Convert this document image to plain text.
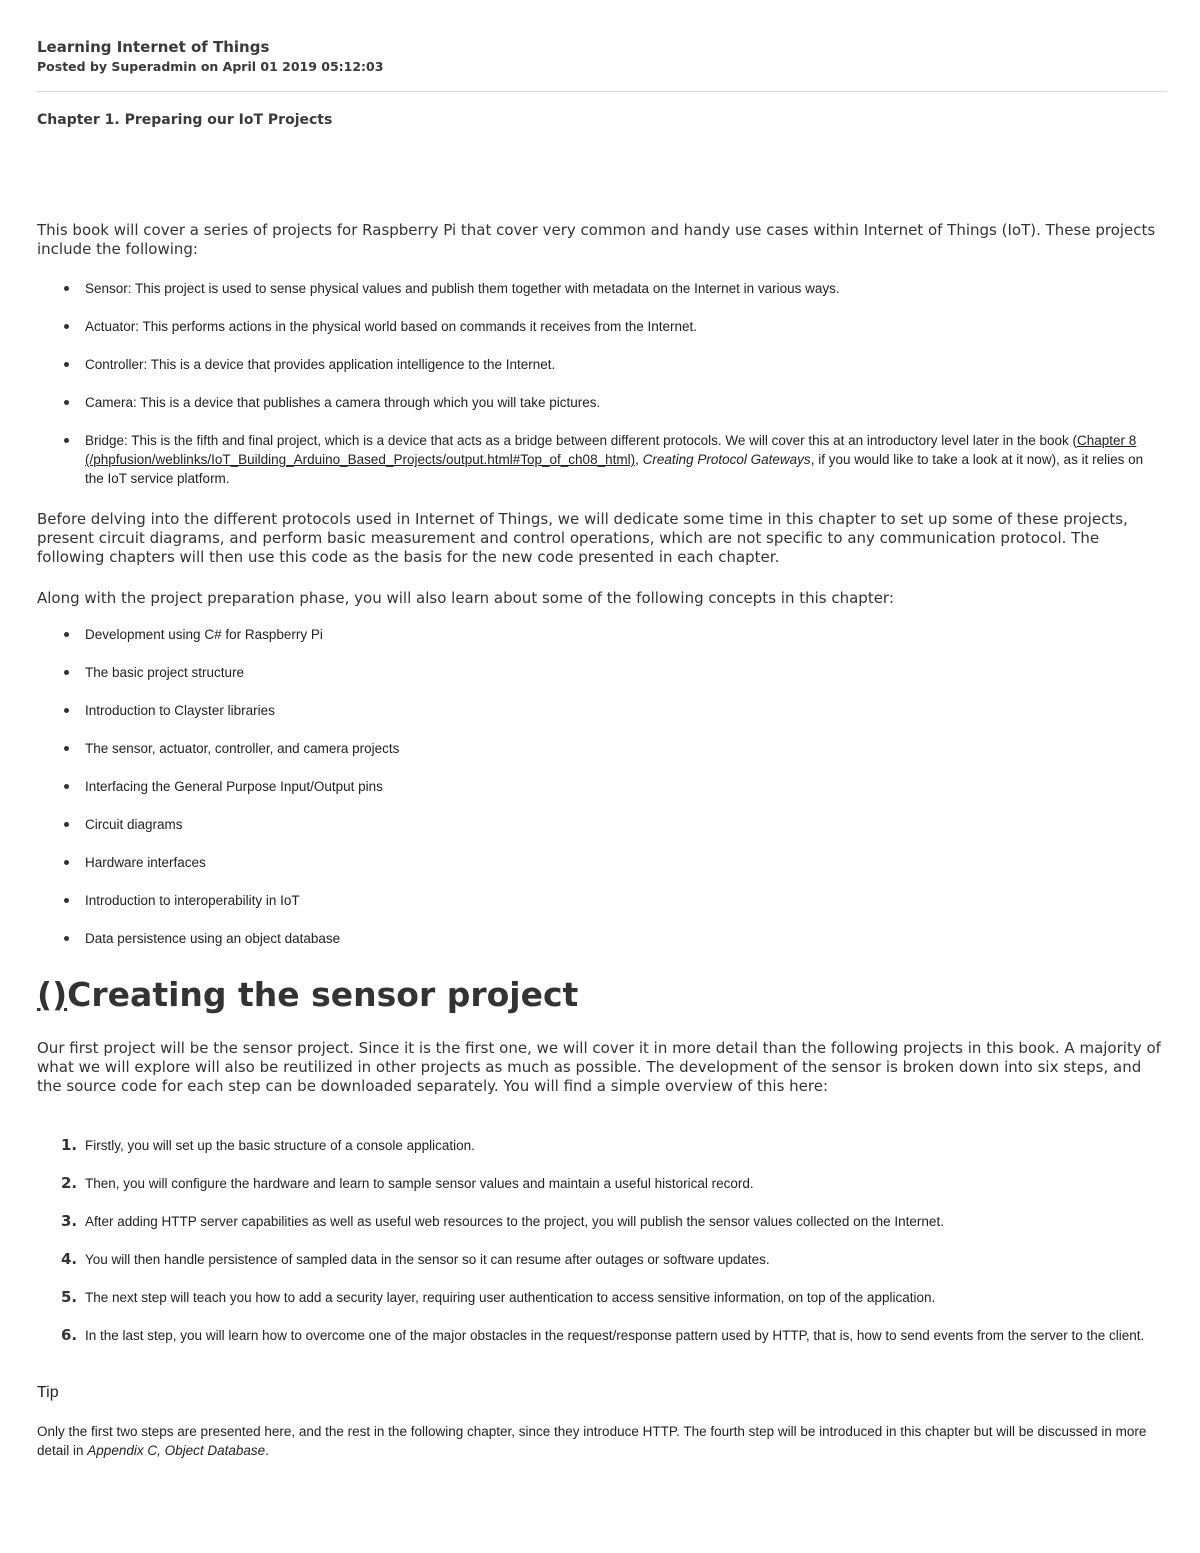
Learning Internet of Things
Posted by Superadmin on April 01 2019 05:12:03
Chapter 1. Preparing our IoT Projects

This book will cover a series of projects for Raspberry Pi that cover very common and handy use cases within Internet of Things (IoT). These projects include the following:

Sensor: This project is used to sense physical values and publish them together with metadata on the Internet in various ways.
Actuator: This performs actions in the physical world based on commands it receives from the Internet.
Controller: This is a device that provides application intelligence to the Internet.
Camera: This is a device that publishes a camera through which you will take pictures.
Bridge: This is the fifth and final project, which is a device that acts as a bridge between different protocols. We will cover this at an introductory level later in the book (Chapter 8 (/phpfusion/weblinks/IoT_Building_Arduino_Based_Projects/output.html#Top_of_ch08_html), Creating Protocol Gateways, if you would like to take a look at it now), as it relies on the IoT service platform.

Before delving into the different protocols used in Internet of Things, we will dedicate some time in this chapter to set up some of these projects, present circuit diagrams, and perform basic measurement and control operations, which are not specific to any communication protocol. The following chapters will then use this code as the basis for the new code presented in each chapter.

Along with the project preparation phase, you will also learn about some of the following concepts in this chapter:

Development using C# for Raspberry Pi
The basic project structure
Introduction to Clayster libraries
The sensor, actuator, controller, and camera projects
Interfacing the General Purpose Input/Output pins
Circuit diagrams
Hardware interfaces
Introduction to interoperability in IoT
Data persistence using an object database
()Creating the sensor project

Our first project will be the sensor project. Since it is the first one, we will cover it in more detail than the following projects in this book. A majority of what we will explore will also be reutilized in other projects as much as possible. The development of the sensor is broken down into six steps, and the source code for each step can be downloaded separately. You will find a simple overview of this here:

1. Firstly, you will set up the basic structure of a console application.
2. Then, you will configure the hardware and learn to sample sensor values and maintain a useful historical record.
3. After adding HTTP server capabilities as well as useful web resources to the project, you will publish the sensor values collected on the Internet.
4. You will then handle persistence of sampled data in the sensor so it can resume after outages or software updates.
5. The next step will teach you how to add a security layer, requiring user authentication to access sensitive information, on top of the application.
6. In the last step, you will learn how to overcome one of the major obstacles in the request/response pattern used by HTTP, that is, how to send events from the server to the client.
Tip

Only the first two steps are presented here, and the rest in the following chapter, since they introduce HTTP. The fourth step will be introduced in this chapter but will be discussed in more detail in Appendix C, Object Database.
